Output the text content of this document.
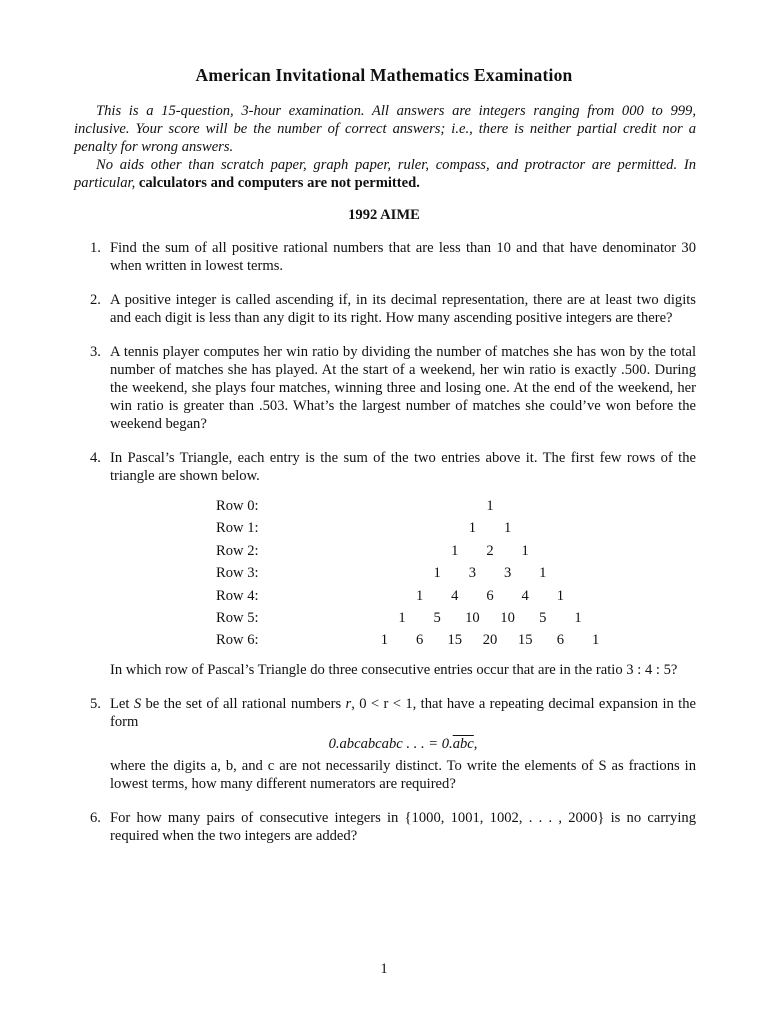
American Invitational Mathematics Examination

This is a 15-question, 3-hour examination. All answers are integers ranging from 000 to 999, inclusive. Your score will be the number of correct answers; i.e., there is neither partial credit nor a penalty for wrong answers.

No aids other than scratch paper, graph paper, ruler, compass, and protractor are permitted. In particular, calculators and computers are not permitted.

1992 AIME
1. Find the sum of all positive rational numbers that are less than 10 and that have denominator 30 when written in lowest terms.

2. A positive integer is called ascending if, in its decimal representation, there are at least two digits and each digit is less than any digit to its right. How many ascending positive integers are there?

3. A tennis player computes her win ratio by dividing the number of matches she has won by the total number of matches she has played. At the start of a weekend, her win ratio is exactly .500. During the weekend, she plays four matches, winning three and losing one. At the end of the weekend, her win ratio is greater than .503. What’s the largest number of matches she could’ve won before the weekend began?

4. In Pascal’s Triangle, each entry is the sum of the two entries above it. The first few rows of the triangle are shown below.

Row 0:	1
Row 1:	1	1
Row 2:	1	2	1
Row 3:	1	3	3	1
Row 4:	1	4	6	4	1
Row 5:	1	5	10	10	5	1
Row 6:	1	6	15	20	15	6	1

In which row of Pascal’s Triangle do three consecutive entries occur that are in the ratio 3 : 4 : 5?

5. Let S be the set of all rational numbers r, 0 < r < 1, that have a repeating decimal expansion in the form

0.abcabcabc . . . = $0.\overline{abc}$,

where the digits a, b, and c are not necessarily distinct. To write the elements of S as fractions in lowest terms, how many different numerators are required?

6. For how many pairs of consecutive integers in {1000, 1001, 1002, . . . , 2000} is no carrying required when the two integers are added?

1
